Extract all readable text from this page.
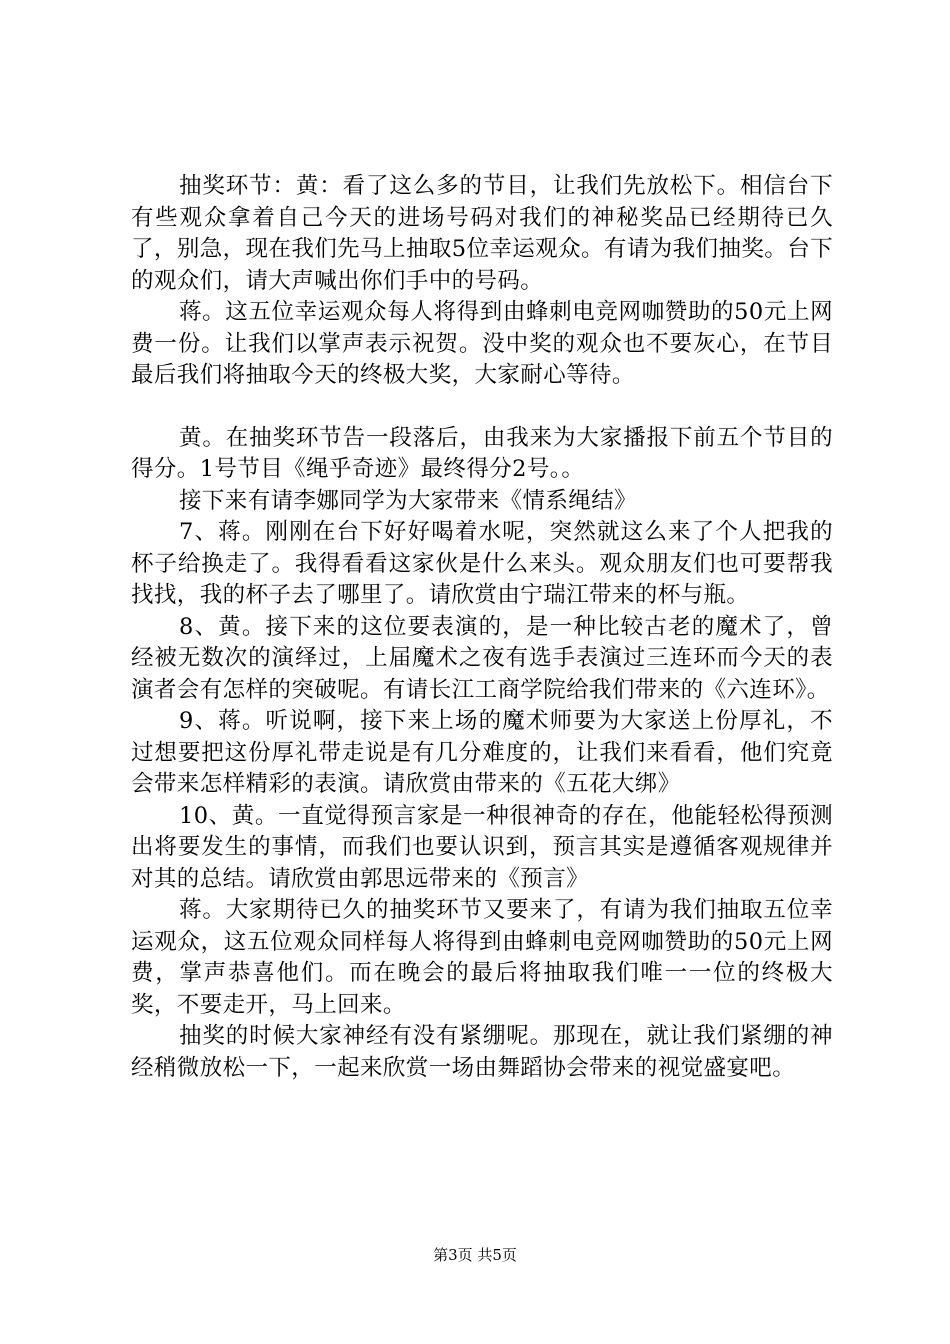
抽奖环节：黄：看了这么多的节目，让我们先放松下。相信台下有些观众拿着自己今天的进场号码对我们的神秘奖品已经期待已久了，别急，现在我们先马上抽取5位幸运观众。有请为我们抽奖。台下的观众们，请大声喊出你们手中的号码。

蒋。这五位幸运观众每人将得到由蜂刺电竞网咖赞助的50元上网费一份。让我们以掌声表示祝贺。没中奖的观众也不要灰心，在节目最后我们将抽取今天的终极大奖，大家耐心等待。

黄。在抽奖环节告一段落后，由我来为大家播报下前五个节目的得分。1号节目《绳乎奇迹》最终得分2号。。

接下来有请李娜同学为大家带来《情系绳结》

7、蒋。刚刚在台下好好喝着水呢，突然就这么来了个人把我的杯子给换走了。我得看看这家伙是什么来头。观众朋友们也可要帮我找找，我的杯子去了哪里了。请欣赏由宁瑞江带来的杯与瓶。

8、黄。接下来的这位要表演的，是一种比较古老的魔术了，曾经被无数次的演绎过，上届魔术之夜有选手表演过三连环而今天的表演者会有怎样的突破呢。有请长江工商学院给我们带来的《六连环》。

9、蒋。听说啊，接下来上场的魔术师要为大家送上份厚礼，不过想要把这份厚礼带走说是有几分难度的，让我们来看看，他们究竟会带来怎样精彩的表演。请欣赏由带来的《五花大绑》

10、黄。一直觉得预言家是一种很神奇的存在，他能轻松得预测出将要发生的事情，而我们也要认识到，预言其实是遵循客观规律并对其的总结。请欣赏由郭思远带来的《预言》

蒋。大家期待已久的抽奖环节又要来了，有请为我们抽取五位幸运观众，这五位观众同样每人将得到由蜂刺电竞网咖赞助的50元上网费，掌声恭喜他们。而在晚会的最后将抽取我们唯一一位的终极大奖，不要走开，马上回来。

抽奖的时候大家神经有没有紧绷呢。那现在，就让我们紧绷的神经稍微放松一下，一起来欣赏一场由舞蹈协会带来的视觉盛宴吧。

第3页 共5页
